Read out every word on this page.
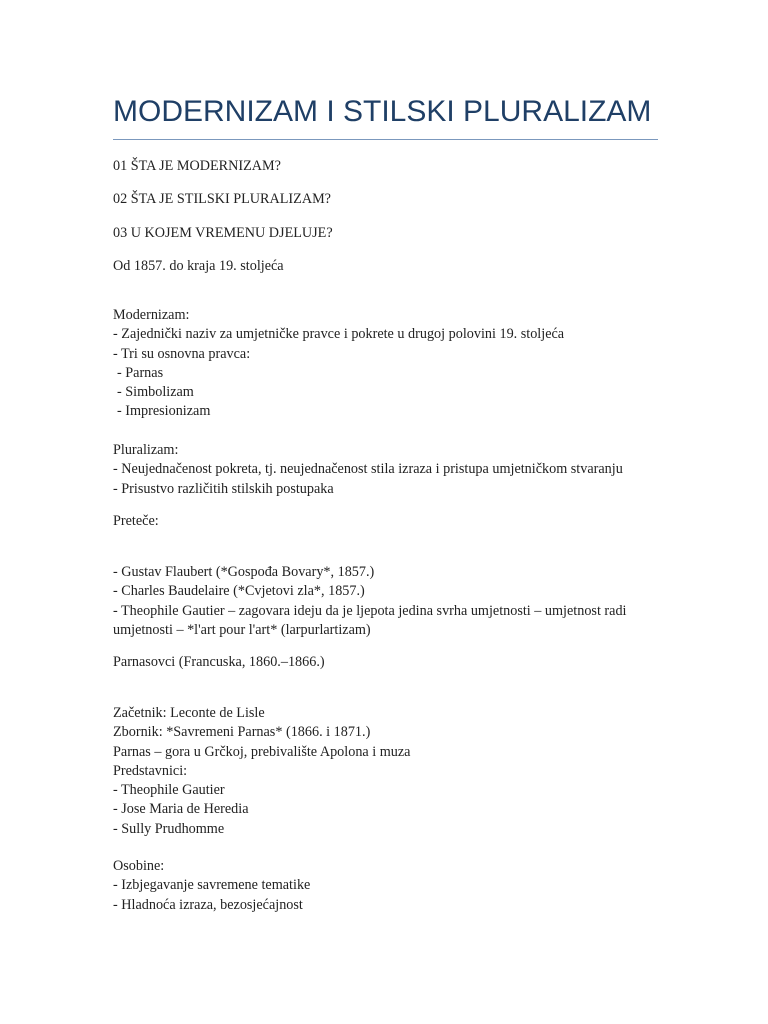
MODERNIZAM I STILSKI PLURALIZAM
01 ŠTA JE MODERNIZAM?
02 ŠTA JE STILSKI PLURALIZAM?
03 U KOJEM VREMENU DJELUJE?
Od 1857. do kraja 19. stoljeća
Modernizam:
- Zajednički naziv za umjetničke pravce i pokrete u drugoj polovini 19. stoljeća
- Tri su osnovna pravca:
- Parnas
- Simbolizam
- Impresionizam
Pluralizam:
- Neujednačenost pokreta, tj. neujednačenost stila izraza i pristupa umjetničkom stvaranju
- Prisustvo različitih stilskih postupaka
Preteče:
- Gustav Flaubert (*Gospođa Bovary*, 1857.)
- Charles Baudelaire (*Cvjetovi zla*, 1857.)
- Theophile Gautier – zagovara ideju da je ljepota jedina svrha umjetnosti – umjetnost radi
umjetnosti – *l'art pour l'art* (larpurlartizam)
Parnasovci (Francuska, 1860.–1866.)
Začetnik: Leconte de Lisle
Zbornik: *Savremeni Parnas* (1866. i 1871.)
Parnas – gora u Grčkoj, prebivalište Apolona i muza
Predstavnici:
- Theophile Gautier
- Jose Maria de Heredia
- Sully Prudhomme
Osobine:
- Izbjegavanje savremene tematike
- Hladnoća izraza, bezosjećajnost
